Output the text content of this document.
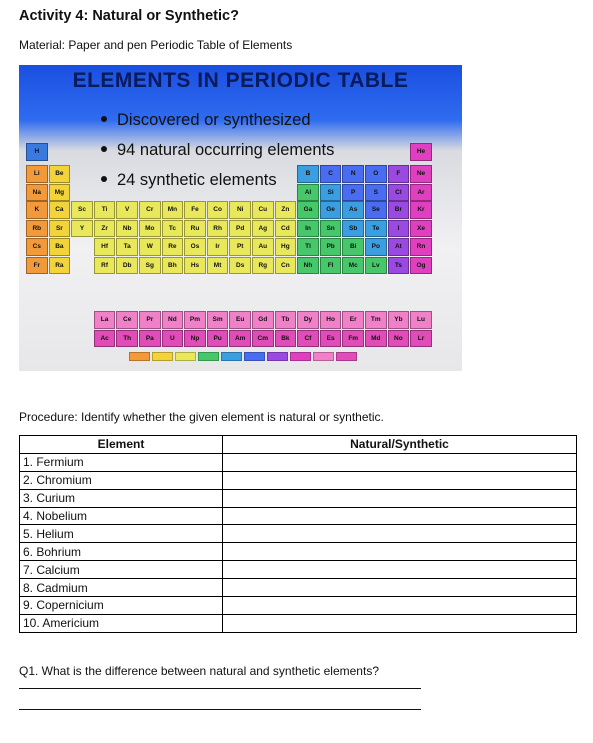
Activity 4: Natural or Synthetic?
Material: Paper and pen Periodic Table of Elements
ELEMENTS IN PERIODIC TABLE
Discovered or synthesized
94 natural occurring elements
24 synthetic elements
H	He
Li	Be	B	C	N	O	F	Ne
Na	Mg	Al	Si	P	S	Cl	Ar
K	Ca	Sc	Ti	V	Cr	Mn	Fe	Co	Ni	Cu	Zn	Ga	Ge	As	Se	Br	Kr
Rb	Sr	Y	Zr	Nb	Mo	Tc	Ru	Rh	Pd	Ag	Cd	In	Sn	Sb	Te	I	Xe
Cs	Ba	Hf	Ta	W	Re	Os	Ir	Pt	Au	Hg	Tl	Pb	Bi	Po	At	Rn
Fr	Ra	Rf	Db	Sg	Bh	Hs	Mt	Ds	Rg	Cn	Nh	Fl	Mc	Lv	Ts	Og
La	Ce	Pr	Nd	Pm	Sm	Eu	Gd	Tb	Dy	Ho	Er	Tm	Yb	Lu
Ac	Th	Pa	U	Np	Pu	Am	Cm	Bk	Cf	Es	Fm	Md	No	Lr
Procedure: Identify whether the given element is natural or synthetic.
Element	Natural/Synthetic
1. Fermium	
2. Chromium	
3. Curium	
4. Nobelium	
5. Helium	
6. Bohrium	
7. Calcium	
8. Cadmium	
9. Copernicium	
10. Americium	
Q1. What is the difference between natural and synthetic elements?
